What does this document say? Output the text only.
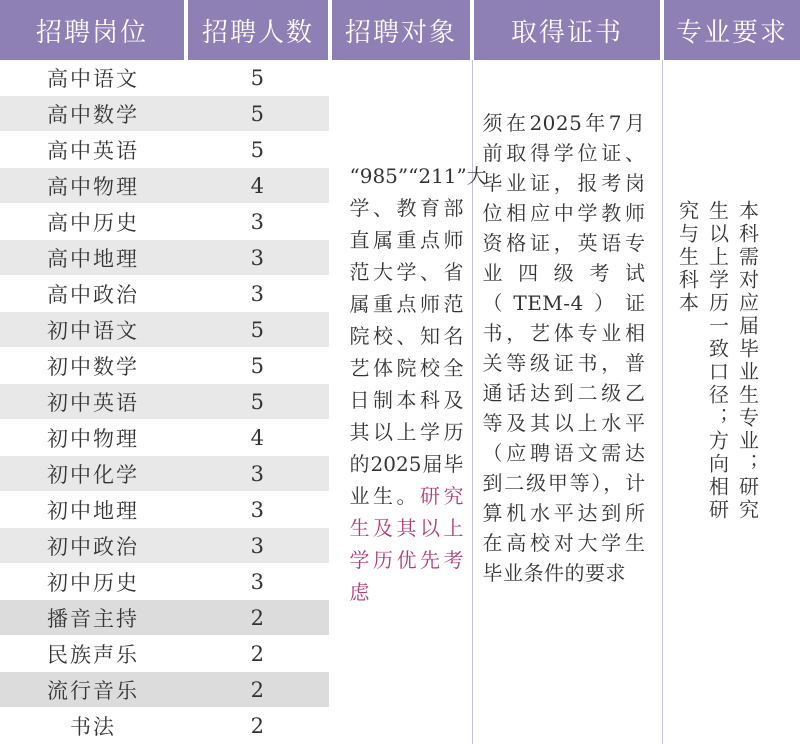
招聘岗位	招聘人数	招聘对象	取得证书	专业要求
高中语文	5	“985”“211”大学、教育部直属重点师范大学、省属重点师范院校、知名艺体院校全日制本科及其以上学历的2025届毕业生。研究生及其以上学历优先考虑	须在2025年7月前取得学位证、毕业证，报考岗位相应中学教师资格证，英语专业四级考试（TEM-4）证书，艺体专业相关等级证书，普通话达到二级乙等及其以上水平（应聘语文需达到二级甲等），计算机水平达到所在高校对大学生毕业条件的要求	本科需对应届毕业生专业；研究生以上学历一致口径；方向相研究与生科本

高中数学	5			
高中英语	5			
高中物理	4			
高中历史	3			
高中地理	3			
高中政治	3			
初中语文	5			
初中数学	5			
初中英语	5			
初中物理	4			
初中化学	3			
初中地理	3			
初中政治	3			
初中历史	3			
播音主持	2			
民族声乐	2			
流行音乐	2			
书法	2			
